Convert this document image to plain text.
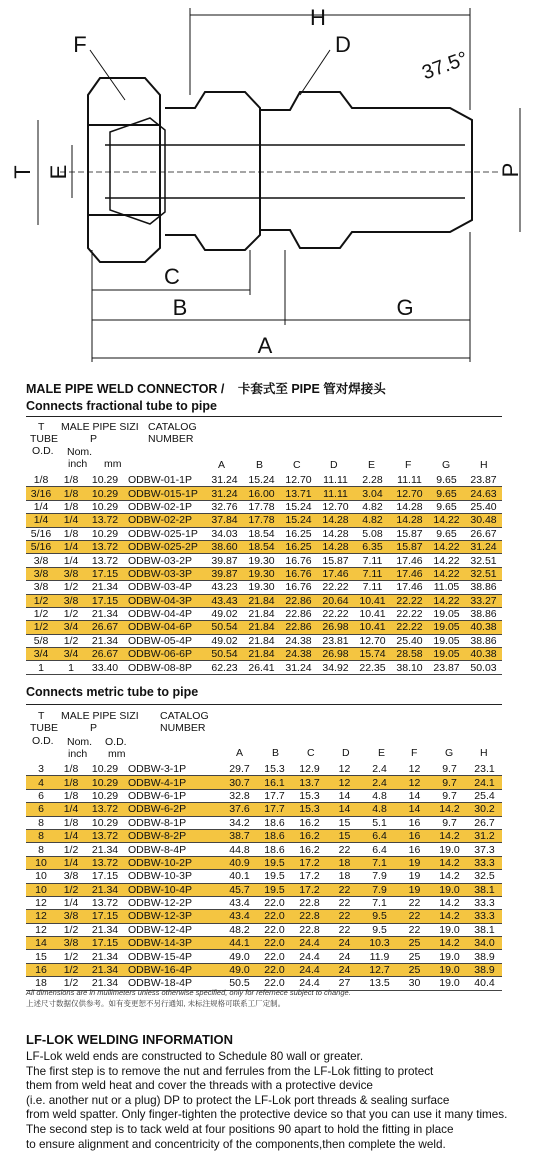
H
F	D
37.5°
T E	P
C
B	G
A
MALE PIPE WELD CONNECTOR / 卡套式至 PIPE 管对焊接头
Connects fractional tube to pipe
T
TUBE
O.D.
MALE PIPE SIZI
P
Nom.
inch mm
CATALOG
NUMBER
A	B	C	D	E	F	G	H
1/8	1/8	10.29	ODBW-01-1P	31.24	15.24	12.70	11.11	2.28	11.11	9.65	23.87
3/16	1/8	10.29	ODBW-015-1P	31.24	16.00	13.71	11.11	3.04	12.70	9.65	24.63
1/4	1/8	10.29	ODBW-02-1P	32.76	17.78	15.24	12.70	4.82	14.28	9.65	25.40
1/4	1/4	13.72	ODBW-02-2P	37.84	17.78	15.24	14.28	4.82	14.28	14.22	30.48
5/16	1/8	10.29	ODBW-025-1P	34.03	18.54	16.25	14.28	5.08	15.87	9.65	26.67
5/16	1/4	13.72	ODBW-025-2P	38.60	18.54	16.25	14.28	6.35	15.87	14.22	31.24
3/8	1/4	13.72	ODBW-03-2P	39.87	19.30	16.76	15.87	7.11	17.46	14.22	32.51
3/8	3/8	17.15	ODBW-03-3P	39.87	19.30	16.76	17.46	7.11	17.46	14.22	32.51
3/8	1/2	21.34	ODBW-03-4P	43.23	19.30	16.76	22.22	7.11	17.46	11.05	38.86
1/2	3/8	17.15	ODBW-04-3P	43.43	21.84	22.86	20.64	10.41	22.22	14.22	33.27
1/2	1/2	21.34	ODBW-04-4P	49.02	21.84	22.86	22.22	10.41	22.22	19.05	38.86
1/2	3/4	26.67	ODBW-04-6P	50.54	21.84	22.86	26.98	10.41	22.22	19.05	40.38
5/8	1/2	21.34	ODBW-05-4P	49.02	21.84	24.38	23.81	12.70	25.40	19.05	38.86
3/4	3/4	26.67	ODBW-06-6P	50.54	21.84	24.38	26.98	15.74	28.58	19.05	40.38
1	1	33.40	ODBW-08-8P	62.23	26.41	31.24	34.92	22.35	38.10	23.87	50.03
Connects metric tube to pipe
T
TUBE
O.D.
MALE PIPE SIZI
P
Nom.
inch
O.D.
mm
CATALOG
NUMBER
A	B	C	D	E F	G	H
3	1/8	10.29	ODBW-3-1P	29.7	15.3	12.9	12	2.4	12	9.7	23.1
4	1/8	10.29	ODBW-4-1P	30.7	16.1	13.7	12	2.4	12	9.7	24.1
6	1/8	10.29	ODBW-6-1P	32.8	17.7	15.3	14	4.8	14	9.7	25.4
6	1/4	13.72	ODBW-6-2P	37.6	17.7	15.3	14	4.8	14	14.2	30.2
8	1/8	10.29	ODBW-8-1P	34.2	18.6	16.2	15	5.1	16	9.7	26.7
8	1/4	13.72	ODBW-8-2P	38.7	18.6	16.2	15	6.4	16	14.2	31.2
8	1/2	21.34	ODBW-8-4P	44.8	18.6	16.2	22	6.4	16	19.0	37.3
10	1/4	13.72	ODBW-10-2P	40.9	19.5	17.2	18	7.1	19	14.2	33.3
10	3/8	17.15	ODBW-10-3P	40.1	19.5	17.2	18	7.9	19	14.2	32.5
10	1/2	21.34	ODBW-10-4P	45.7	19.5	17.2	22	7.9	19	19.0	38.1
12	1/4	13.72	ODBW-12-2P	43.4	22.0	22.8	22	7.1	22	14.2	33.3
12	3/8	17.15	ODBW-12-3P	43.4	22.0	22.8	22	9.5	22	14.2	33.3
12	1/2	21.34	ODBW-12-4P	48.2	22.0	22.8	22	9.5	22	19.0	38.1
14	3/8	17.15	ODBW-14-3P	44.1	22.0	24.4	24	10.3	25	14.2	34.0
15	1/2	21.34	ODBW-15-4P	49.0	22.0	24.4	24	11.9	25	19.0	38.9
16	1/2	21.34	ODBW-16-4P	49.0	22.0	24.4	24	12.7	25	19.0	38.9
18	1/2	21.34	ODBW-18-4P	50.5	22.0	24.4	27	13.5	30	19.0	40.4
All dimensions are in mullimeters unless otherwise specified, only for refernece subject to change.
上述尺寸数据仅供参考。如有变更恕不另行通知, 未标注规格可联系工厂定制。
LF-LOK WELDING INFORMATION

LF-Lok weld ends are constructed to Schedule 80 wall or greater.

The first step is to remove the nut and ferrules from the LF-Lok fitting to protect

them from weld heat and cover the threads with a protective device

(i.e. another nut or a plug) DP to protect the LF-Lok port threads & sealing surface

from weld spatter. Only finger-tighten the protective device so that you can use it many times.

The second step is to tack weld at four positions 90 apart to hold the fitting in place

to ensure alignment and concentricity of the components,then complete the weld.
